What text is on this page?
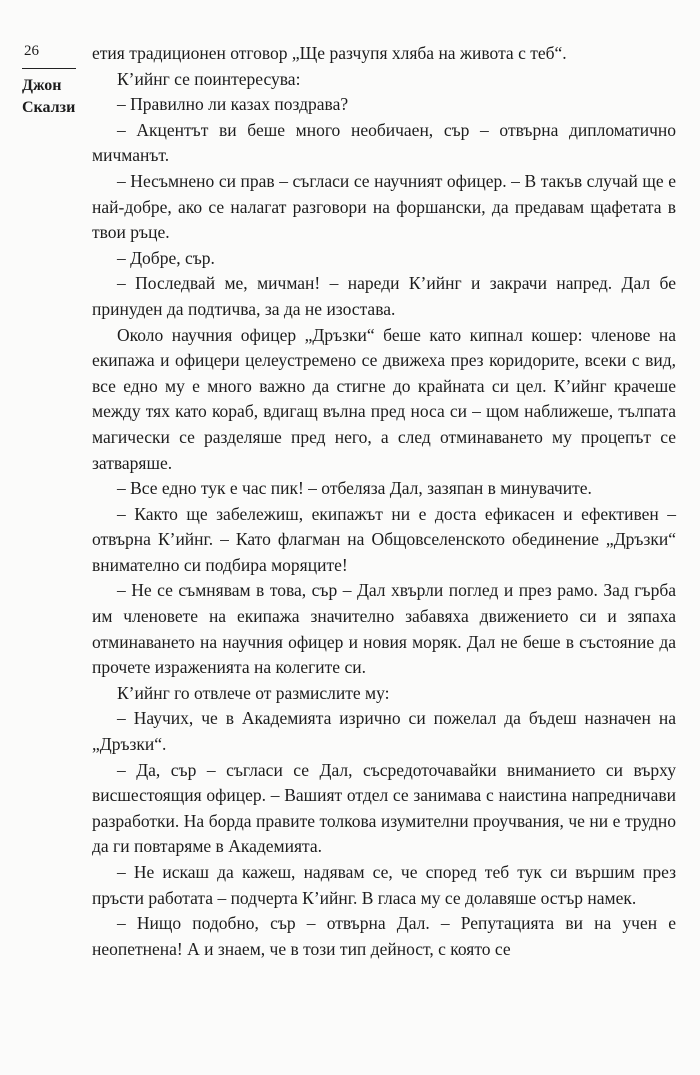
26
Джон
Скалзи

етия традиционен отговор „Ще разчупя хляба на живота с теб“.

К’ийнг се поинтересува:

– Правилно ли казах поздрава?

– Акцентът ви беше много необичаен, сър – отвърна дипломатично мичманът.

– Несъмнено си прав – съгласи се научният офицер. – В такъв случай ще е най-добре, ако се налагат разговори на форшански, да предавам щафетата в твои ръце.

– Добре, сър.

– Последвай ме, мичман! – нареди К’ийнг и закрачи напред. Дал бе принуден да подтичва, за да не изостава.

Около научния офицер „Дръзки“ беше като кипнал кошер: членове на екипажа и офицери целеустремено се движеха през коридорите, всеки с вид, все едно му е много важно да стигне до крайната си цел. К’ийнг крачеше между тях като кораб, вдигащ вълна пред носа си – щом наближеше, тълпата магически се разделяше пред него, а след отминаването му процепът се затваряше.

– Все едно тук е час пик! – отбеляза Дал, зазяпан в минувачите.

– Както ще забележиш, екипажът ни е доста ефикасен и ефективен – отвърна К’ийнг. – Като флагман на Общовселенското обединение „Дръзки“ внимателно си подбира моряците!

– Не се съмнявам в това, сър – Дал хвърли поглед и през рамо. Зад гърба им членовете на екипажа значително забавяха движението си и зяпаха отминаването на научния офицер и новия моряк. Дал не беше в състояние да прочете израженията на колегите си.

К’ийнг го отвлече от размислите му:

– Научих, че в Академията изрично си пожелал да бъдеш назначен на „Дръзки“.

– Да, сър – съгласи се Дал, съсредоточавайки вниманието си върху висшестоящия офицер. – Вашият отдел се занимава с наистина напредничави разработки. На борда правите толкова изумителни проучвания, че ни е трудно да ги повтаряме в Академията.

– Не искаш да кажеш, надявам се, че според теб тук си вършим през пръсти работата – подчерта К’ийнг. В гласа му се долавяше остър намек.

– Нищо подобно, сър – отвърна Дал. – Репутацията ви на учен е неопетнена! А и знаем, че в този тип дейност, с която се
